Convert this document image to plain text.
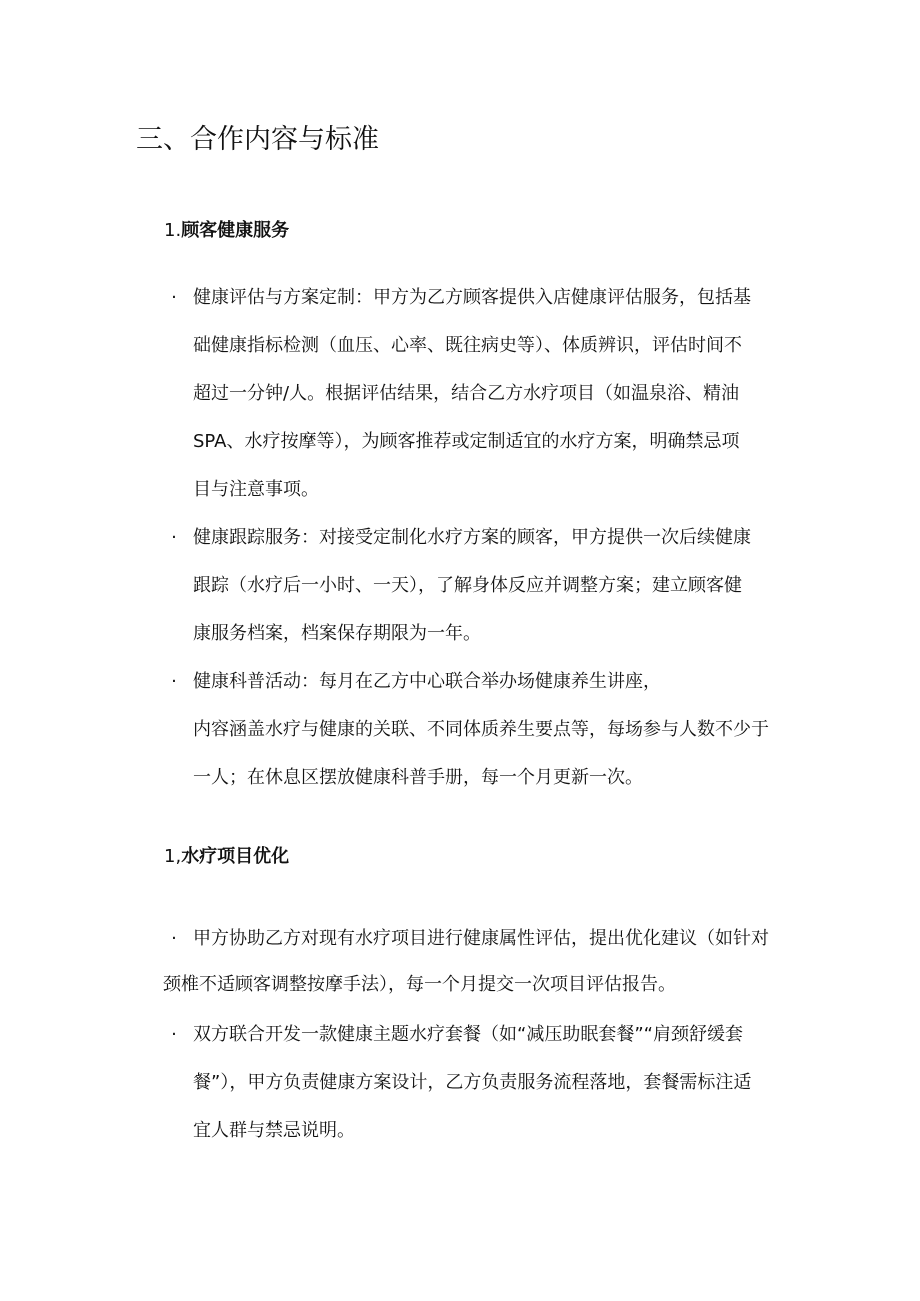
三、合作内容与标准
1.顾客健康服务
· 健康评估与方案定制：甲方为乙方顾客提供入店健康评估服务，包括基
础健康指标检测（血压、心率、既往病史等）、体质辨识，评估时间不
超过一分钟/人。根据评估结果，结合乙方水疗项目（如温泉浴、精油
SPA、水疗按摩等），为顾客推荐或定制适宜的水疗方案，明确禁忌项
目与注意事项。
· 健康跟踪服务：对接受定制化水疗方案的顾客，甲方提供一次后续健康
跟踪（水疗后一小时、一天），了解身体反应并调整方案；建立顾客健
康服务档案，档案保存期限为一年。
· 健康科普活动：每月在乙方中心联合举办场健康养生讲座，
内容涵盖水疗与健康的关联、不同体质养生要点等，每场参与人数不少于
一人；在休息区摆放健康科普手册，每一个月更新一次。
1,水疗项目优化
· 甲方协助乙方对现有水疗项目进行健康属性评估，提出优化建议（如针对
颈椎不适顾客调整按摩手法），每一个月提交一次项目评估报告。
· 双方联合开发一款健康主题水疗套餐（如“减压助眠套餐”“肩颈舒缓套
餐”），甲方负责健康方案设计，乙方负责服务流程落地，套餐需标注适
宜人群与禁忌说明。
